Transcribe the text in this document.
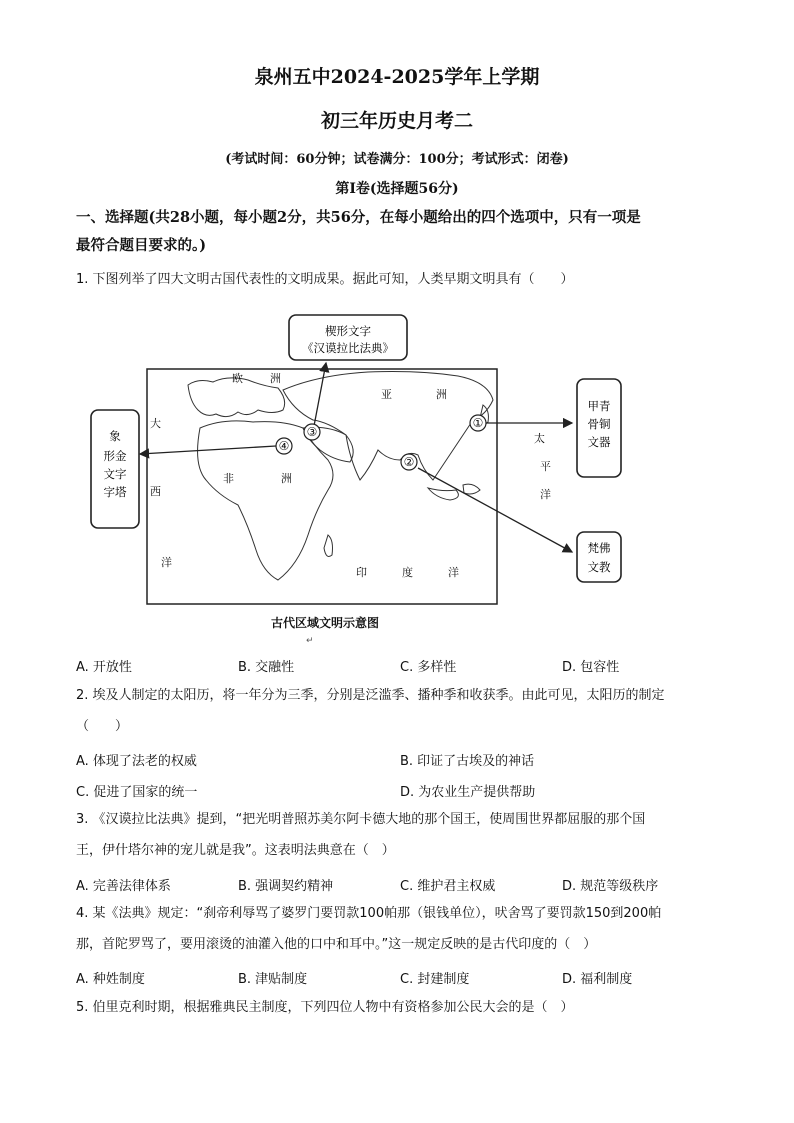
泉州五中2024-2025学年上学期
初三年历史月考二
(考试时间：60分钟；试卷满分：100分；考试形式：闭卷)
第Ⅰ卷(选择题56分)
一、选择题(共28小题，每小题2分，共56分，在每小题给出的四个选项中，只有一项是
最符合题目要求的。)
1. 下图列举了四大文明古国代表性的文明成果。据此可知，人类早期文明具有（　　）
楔形文字
《汉谟拉比法典》
欧 洲
亚	洲
大
西
洋
非	洲
印	度	洋
太
平
洋
①
②
③
④
象
形金
文字
字塔
甲青
骨铜
文器
梵佛
文教
古代区域文明示意图
↵
A. 开放性	B. 交融性	C. 多样性	D. 包容性
2. 埃及人制定的太阳历，将一年分为三季，分别是泛滥季、播种季和收获季。由此可见，太阳历的制定
（　　）
A. 体现了法老的权威	B. 印证了古埃及的神话
C. 促进了国家的统一	D. 为农业生产提供帮助
3. 《汉谟拉比法典》提到，“把光明普照苏美尔阿卡德大地的那个国王，使周围世界都屈服的那个国
王，伊什塔尔神的宠儿就是我”。这表明法典意在（　）
A. 完善法律体系	B. 强调契约精神	C. 维护君主权威	D. 规范等级秩序
4. 某《法典》规定：“刹帝利辱骂了婆罗门要罚款100帕那（银钱单位），吠舍骂了要罚款150到200帕
那，首陀罗骂了，要用滚烫的油灌入他的口中和耳中。”这一规定反映的是古代印度的（　）
A. 种姓制度	B. 津贴制度	C. 封建制度	D. 福利制度
5. 伯里克利时期，根据雅典民主制度，下列四位人物中有资格参加公民大会的是（　）
